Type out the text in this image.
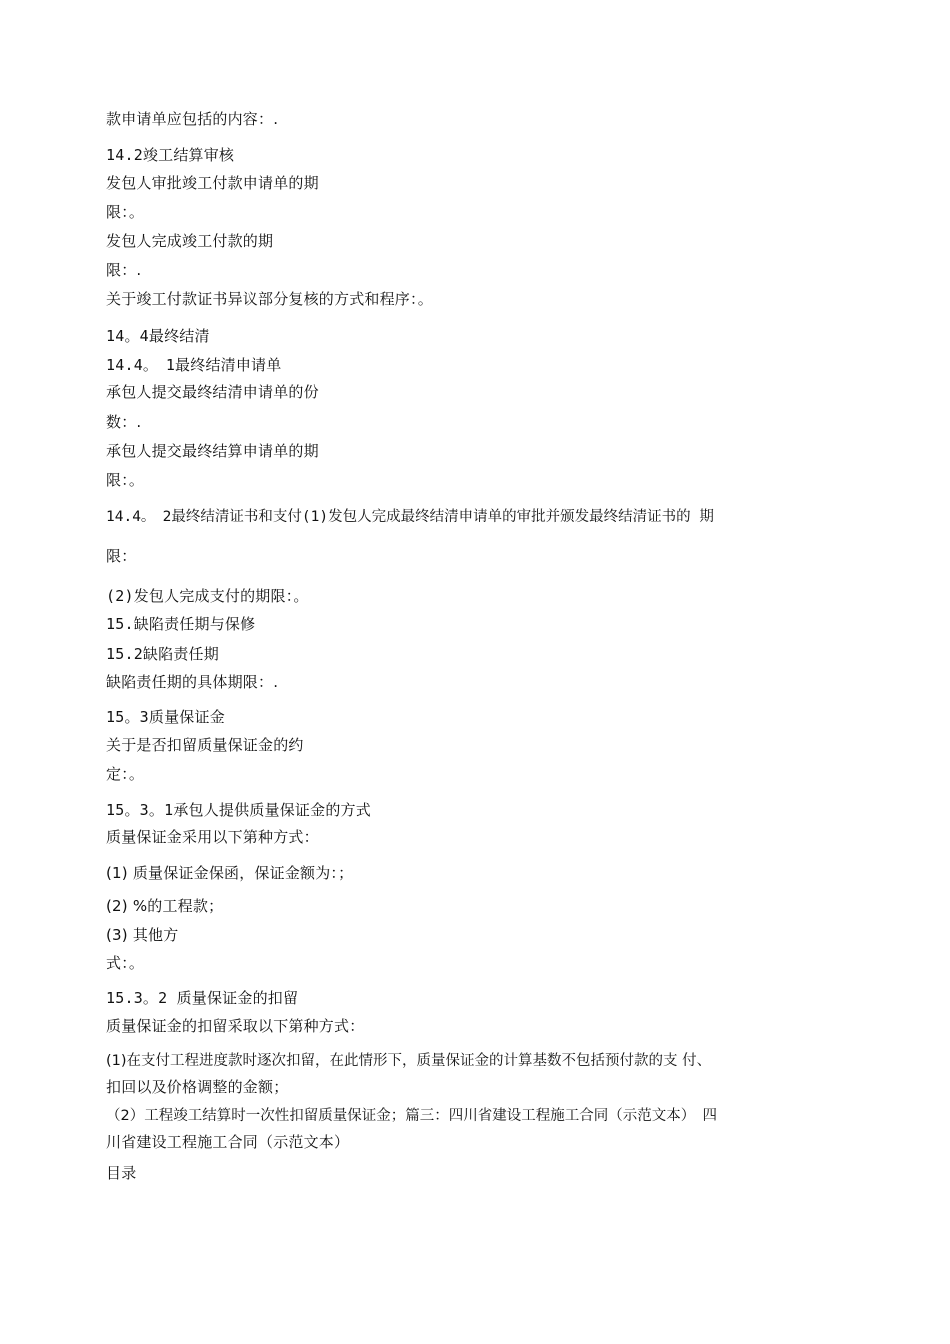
款申请单应包括的内容：.
14.2竣工结算审核
发包人审批竣工付款申请单的期
限：。
发包人完成竣工付款的期
限：.
关于竣工付款证书异议部分复核的方式和程序：。
14。4最终结清
14.4。　1最终结清申请单
承包人提交最终结清申请单的份
数：.
承包人提交最终结算申请单的期
限：。
14.4。　2最终结清证书和支付(1)发包人完成最终结清申请单的审批并颁发最终结清证书的 期
限：
(2)发包人完成支付的期限：。
15.缺陷责任期与保修
15.2缺陷责任期
缺陷责任期的具体期限：.
15。3质量保证金
关于是否扣留质量保证金的约
定：。
15。3。1承包人提供质量保证金的方式
质量保证金采用以下第种方式：
(1) 质量保证金保函，保证金额为：；
(2) %的工程款；
(3) 其他方
式：。
15.3。2 质量保证金的扣留
质量保证金的扣留采取以下第种方式：
(1)在支付工程进度款时逐次扣留，在此情形下，质量保证金的计算基数不包括预付款的支 付、
扣回以及价格调整的金额；
（2）工程竣工结算时一次性扣留质量保证金；篇三：四川省建设工程施工合同（示范文本）　四
川省建设工程施工合同（示范文本）
目录
